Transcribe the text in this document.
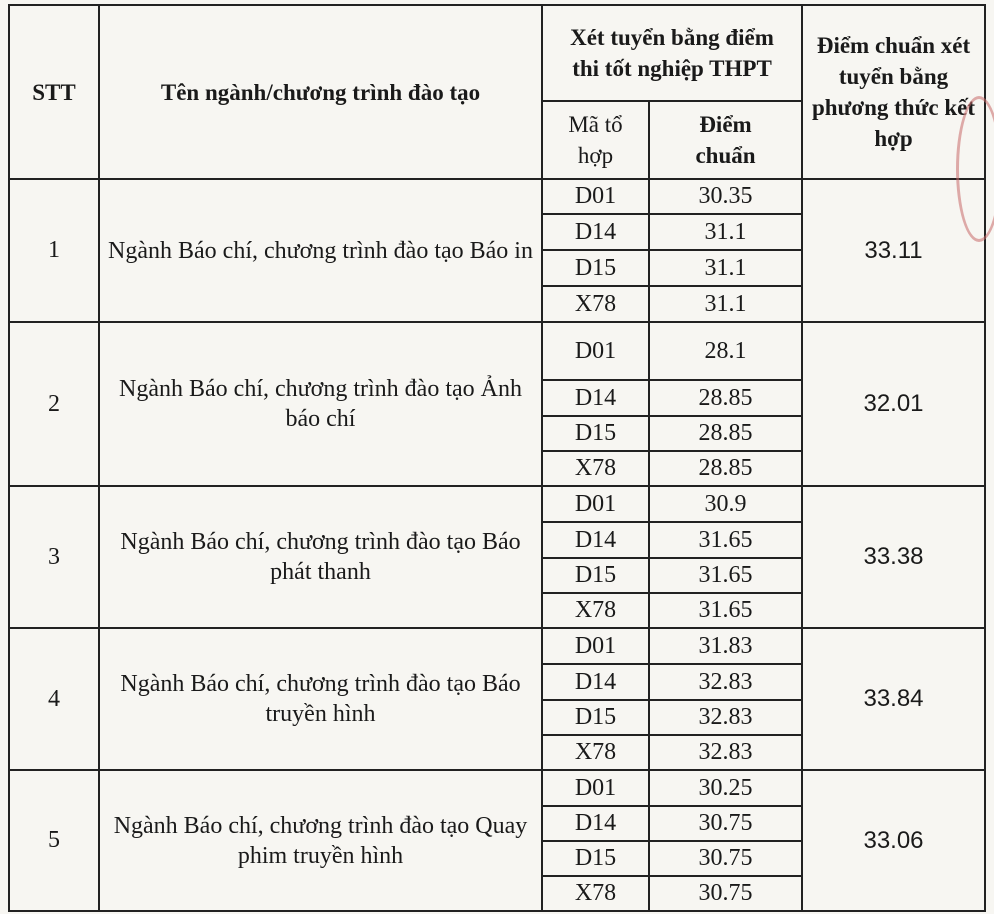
STT	Tên ngành/chương trình đào tạo	Xét tuyển bằng điểm thi tốt nghiệp THPT		Điểm chuẩn xét tuyển bằng phương thức kết hợp
		Mã tổ hợp	Điểm chuẩn	
1	Ngành Báo chí, chương trình đào tạo Báo in	D01	30.35	33.11
		D14	31.1	
		D15	31.1	
		X78	31.1	
2	Ngành Báo chí, chương trình đào tạo Ảnh báo chí	D01	28.1	32.01
		D14	28.85	
		D15	28.85	
		X78	28.85	
3	Ngành Báo chí, chương trình đào tạo Báo phát thanh	D01	30.9	33.38
		D14	31.65	
		D15	31.65	
		X78	31.65	
4	Ngành Báo chí, chương trình đào tạo Báo truyền hình	D01	31.83	33.84
		D14	32.83	
		D15	32.83	
		X78	32.83	
5	Ngành Báo chí, chương trình đào tạo Quay phim truyền hình	D01	30.25	33.06
		D14	30.75	
		D15	30.75	
		X78	30.75	
